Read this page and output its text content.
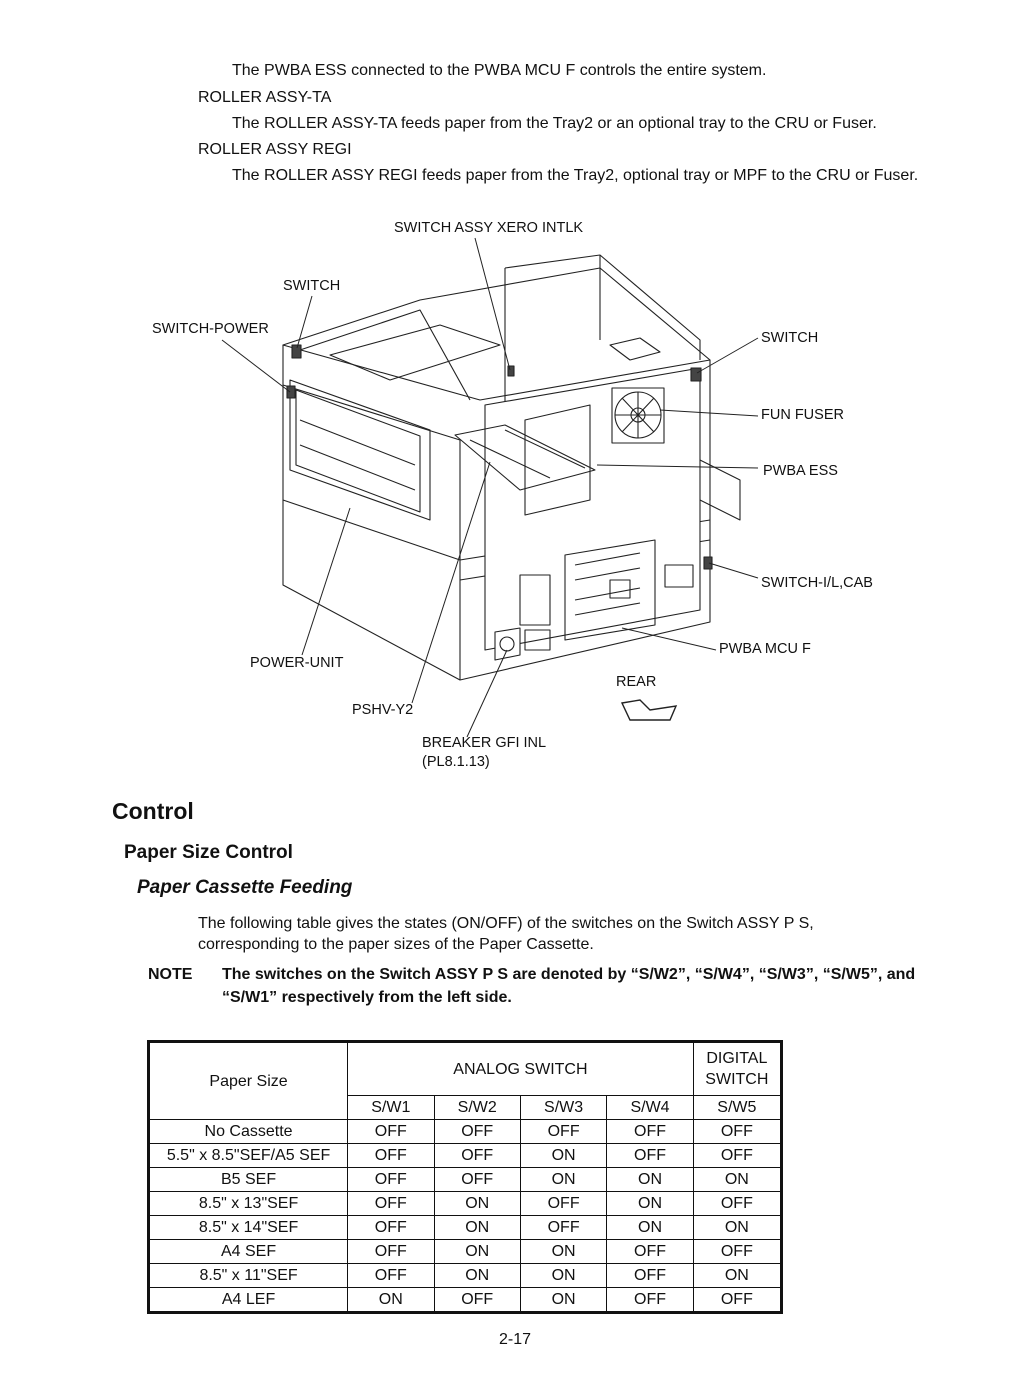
The PWBA ESS connected to the PWBA MCU F controls the entire system.
ROLLER ASSY-TA
The ROLLER ASSY-TA feeds paper from the Tray2 or an optional tray to the CRU or Fuser.
ROLLER ASSY REGI
The ROLLER ASSY REGI feeds paper from the Tray2, optional tray or MPF to the CRU or Fuser.
SWITCH ASSY XERO INTLK
SWITCH
SWITCH-POWER
SWITCH
FUN FUSER
PWBA ESS
SWITCH-I/L,CAB
PWBA MCU F
POWER-UNIT
REAR
PSHV-Y2
BREAKER GFI INL
(PL8.1.13)
Control
Paper Size Control
Paper Cassette Feeding
The following table gives the states (ON/OFF) of the switches on the Switch ASSY P S, corresponding to the paper sizes of the Paper Cassette.
NOTE The switches on the Switch ASSY P S are denoted by “S/W2”, “S/W4”, “S/W3”, “S/W5”, and “S/W1” respectively from the left side.
Paper Size	ANALOG SWITCH				DIGITAL
SWITCH
	S/W1	S/W2	S/W3	S/W4	S/W5
No Cassette	OFF	OFF	OFF	OFF	OFF
5.5" x 8.5"SEF/A5 SEF	OFF	OFF	ON	OFF	OFF
B5 SEF	OFF	OFF	ON	ON	ON
8.5" x 13"SEF	OFF	ON	OFF	ON	OFF
8.5" x 14"SEF	OFF	ON	OFF	ON	ON
A4 SEF	OFF	ON	ON	OFF	OFF
8.5" x 11"SEF	OFF	ON	ON	OFF	ON
A4 LEF	ON	OFF	ON	OFF	OFF
2-17
